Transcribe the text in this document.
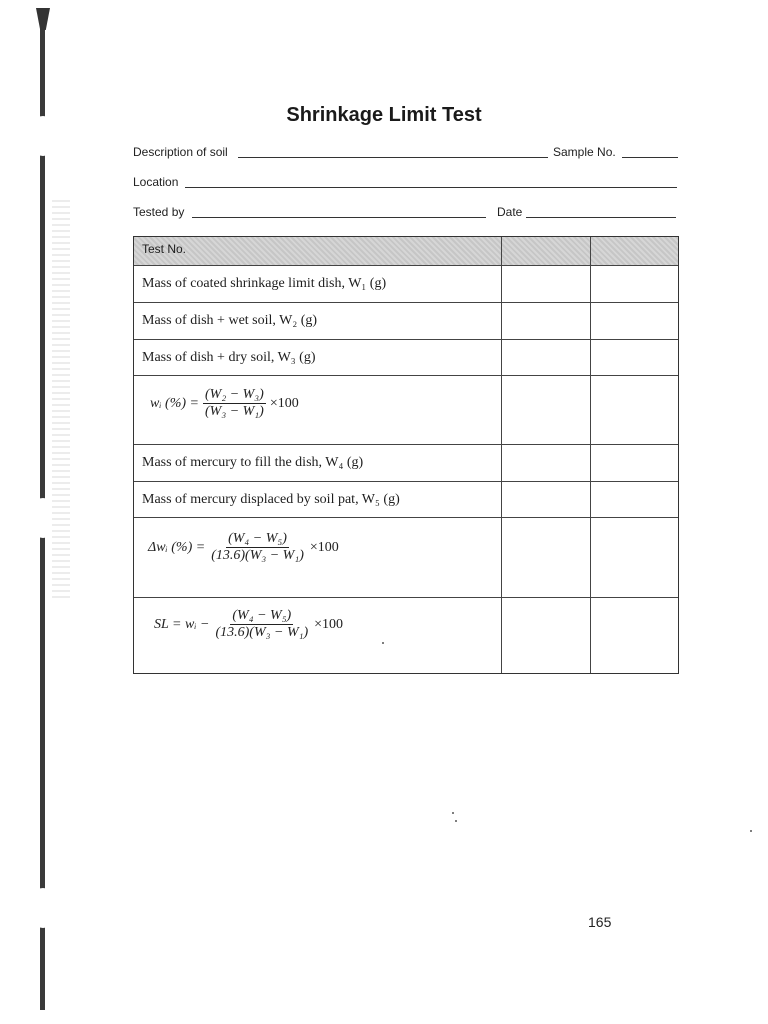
Shrinkage Limit Test
Description of soil	Sample No.
Location
Tested by	Date
Test No.
Mass of coated shrinkage limit dish, W₁ (g)
Mass of dish + wet soil, W₂ (g)
Mass of dish + dry soil, W₃ (g)
wᵢ (%) = $\frac{\text{(W₂ − W₃)}}{\text{(W₃ − W₁)}} \times 100$
Mass of mercury to fill the dish, W₄ (g)
Mass of mercury displaced by soil pat, W₅ (g)
Δwᵢ (%) = $\frac{\text{(W₄ − W₅)}}{\text{(13.6)(W₃ − W₁)}} \times 100$
SL = wᵢ − $\frac{\text{(W₄ − W₅)}}{\text{(13.6)(W₃ − W₁)}} \times 100$
165
